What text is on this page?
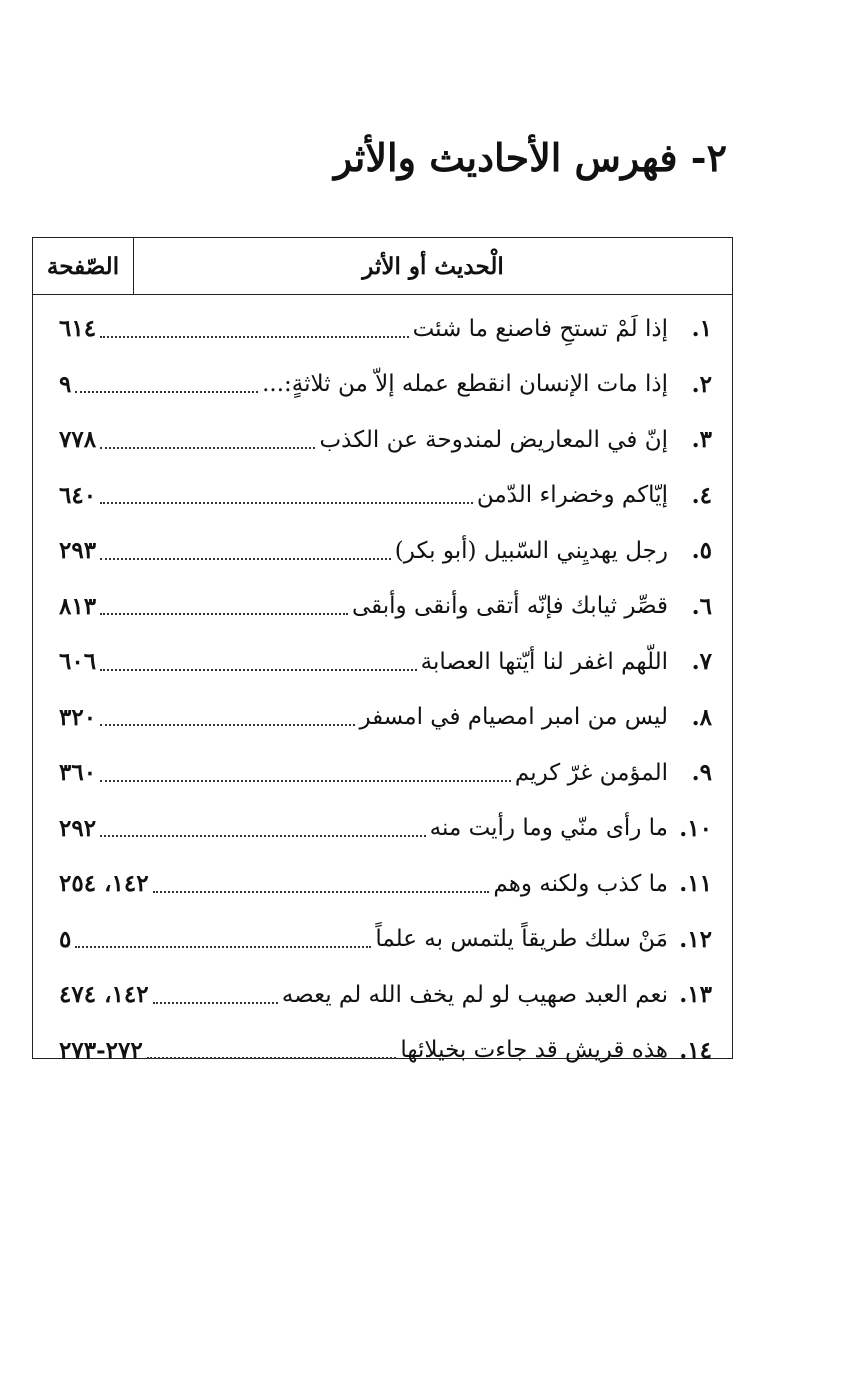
٢- فهرس الأحاديث والأثر
الْحديث أو الأثر
الصّفحة
١.
إذا لَمْ تستحِ فاصنع ما شئت
٦١٤
٢.
إذا مات الإنسان انقطع عمله إلاّ من ثلاثةٍ:...
٩
٣.
إنّ في المعاريض لمندوحة عن الكذب
٧٧٨
٤.
إيّاكم وخضراء الدّمن
٦٤٠
٥.
رجل يهديِني السّبيل (أبو بكر)
٢٩٣
٦.
قصِّر ثيابك فإنّه أتقى وأنقى وأبقى
٨١٣
٧.
اللّهم اغفر لنا أيّتها العصابة
٦٠٦
٨.
ليس من امبر امصيام في امسفر
٣٢٠
٩.
المؤمن غرّ كريم
٣٦٠
١٠.
ما رأى منّي وما رأيت منه
٢٩٢
١١.
ما كذب ولكنه وهم
١٤٢، ٢٥٤
١٢.
مَنْ سلك طريقاً يلتمس به علماً
٥
١٣.
نعم العبد صهيب لو لم يخف الله لم يعصه
١٤٢، ٤٧٤
١٤.
هذه قريش قد جاءت بخيلائها
٢٧٢-٢٧٣
